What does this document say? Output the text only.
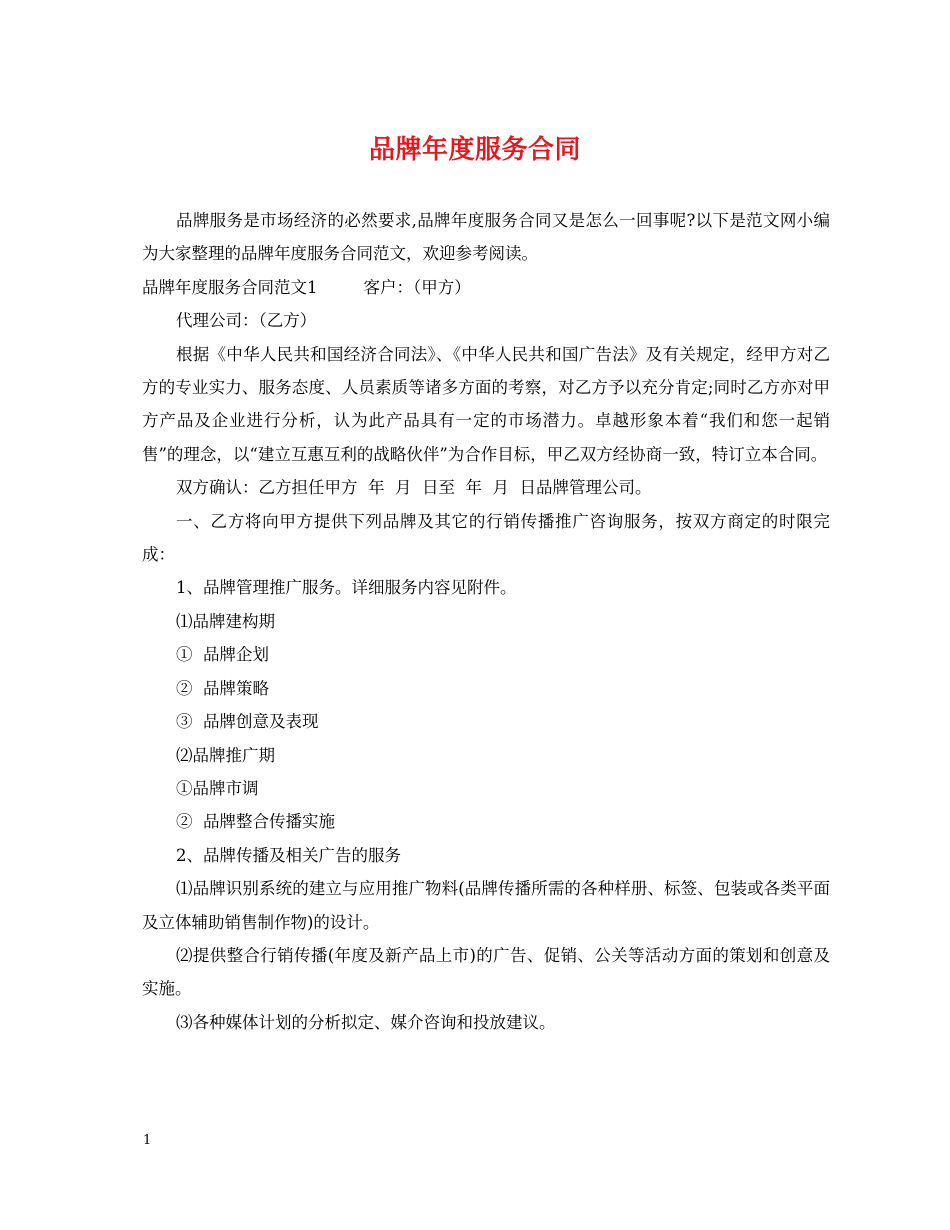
品牌年度服务合同

品牌服务是市场经济的必然要求,品牌年度服务合同又是怎么一回事呢?以下是范文网小编为大家整理的品牌年度服务合同范文，欢迎参考阅读。

品牌年度服务合同范文1	客户：（甲方）

代理公司：（乙方）

根据《中华人民共和国经济合同法》、《中华人民共和国广告法》及有关规定，经甲方对乙方的专业实力、服务态度、人员素质等诸多方面的考察，对乙方予以充分肯定;同时乙方亦对甲方产品及企业进行分析，认为此产品具有一定的市场潜力。卓越形象本着“我们和您一起销售”的理念，以“建立互惠互利的战略伙伴”为合作目标，甲乙双方经协商一致，特订立本合同。

双方确认：乙方担任甲方  年  月  日至  年  月  日品牌管理公司。

一、乙方将向甲方提供下列品牌及其它的行销传播推广咨询服务，按双方商定的时限完成：

1、品牌管理推广服务。详细服务内容见附件。

⑴品牌建构期

①  品牌企划

②  品牌策略

③  品牌创意及表现

⑵品牌推广期

①品牌市调

②  品牌整合传播实施

2、品牌传播及相关广告的服务

⑴品牌识别系统的建立与应用推广物料(品牌传播所需的各种样册、标签、包装或各类平面及立体辅助销售制作物)的设计。

⑵提供整合行销传播(年度及新产品上市)的广告、促销、公关等活动方面的策划和创意及实施。

⑶各种媒体计划的分析拟定、媒介咨询和投放建议。

1
